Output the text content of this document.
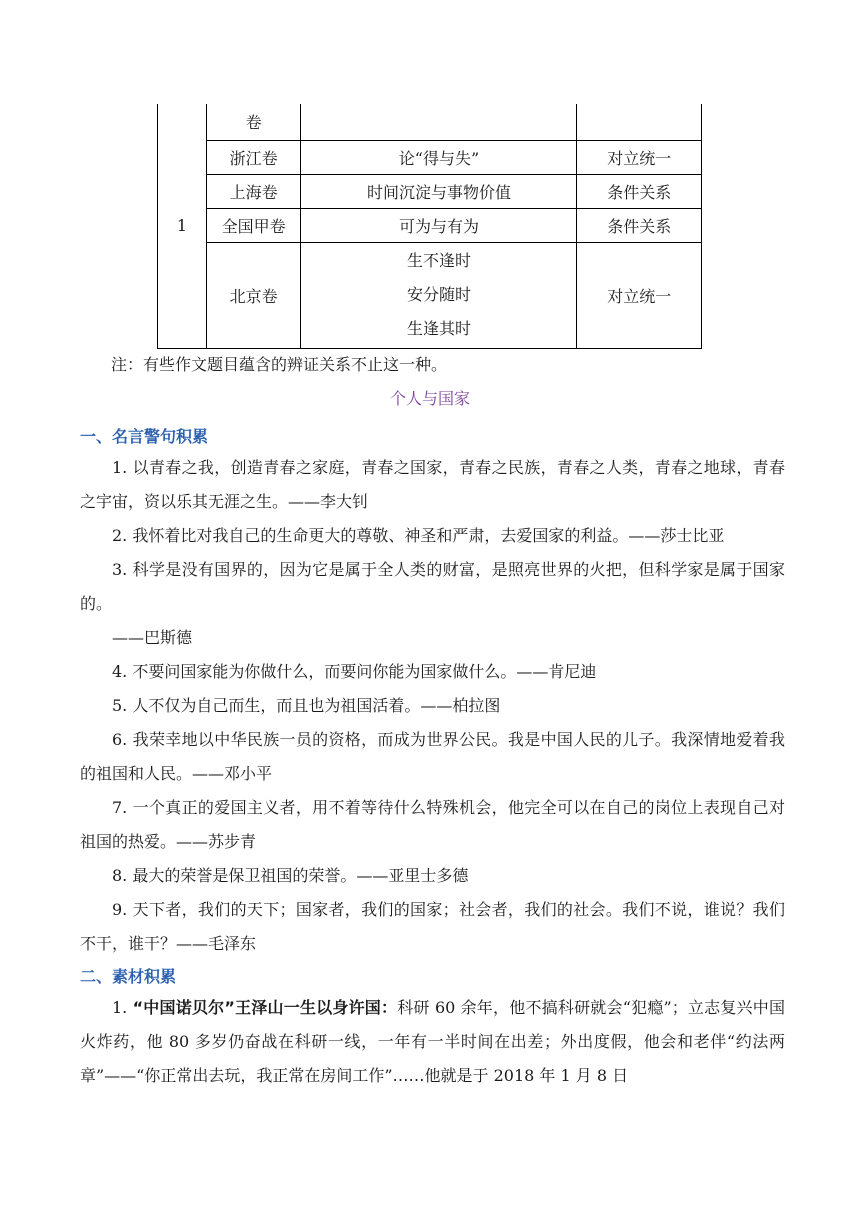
1	卷		
	浙江卷	论“得与失”	对立统一
	上海卷	时间沉淀与事物价值	条件关系
	全国甲卷	可为与有为	条件关系
	北京卷	生不逢时
安分随时
生逢其时	对立统一
注：有些作文题目蕴含的辨证关系不止这一种。
个人与国家
一、名言警句积累
1. 以青春之我，创造青春之家庭，青春之国家，青春之民族，青春之人类，青春之地球，青春之宇宙，资以乐其无涯之生。——李大钊
2. 我怀着比对我自己的生命更大的尊敬、神圣和严肃，去爱国家的利益。——莎士比亚
3. 科学是没有国界的，因为它是属于全人类的财富，是照亮世界的火把，但科学家是属于国家的。
——巴斯德
4. 不要问国家能为你做什么，而要问你能为国家做什么。——肯尼迪
5. 人不仅为自己而生，而且也为祖国活着。——柏拉图
6. 我荣幸地以中华民族一员的资格，而成为世界公民。我是中国人民的儿子。我深情地爱着我的祖国和人民。——邓小平
7. 一个真正的爱国主义者，用不着等待什么特殊机会，他完全可以在自己的岗位上表现自己对祖国的热爱。——苏步青
8. 最大的荣誉是保卫祖国的荣誉。——亚里士多德
9. 天下者，我们的天下；国家者，我们的国家；社会者，我们的社会。我们不说，谁说？我们不干，谁干？——毛泽东
二、素材积累
1. “中国诺贝尔”王泽山一生以身许国：科研 60 余年，他不搞科研就会“犯瘾”；立志复兴中国火炸药，他 80 多岁仍奋战在科研一线，一年有一半时间在出差；外出度假，他会和老伴“约法两章”——“你正常出去玩，我正常在房间工作”……他就是于 2018 年 1 月 8 日
